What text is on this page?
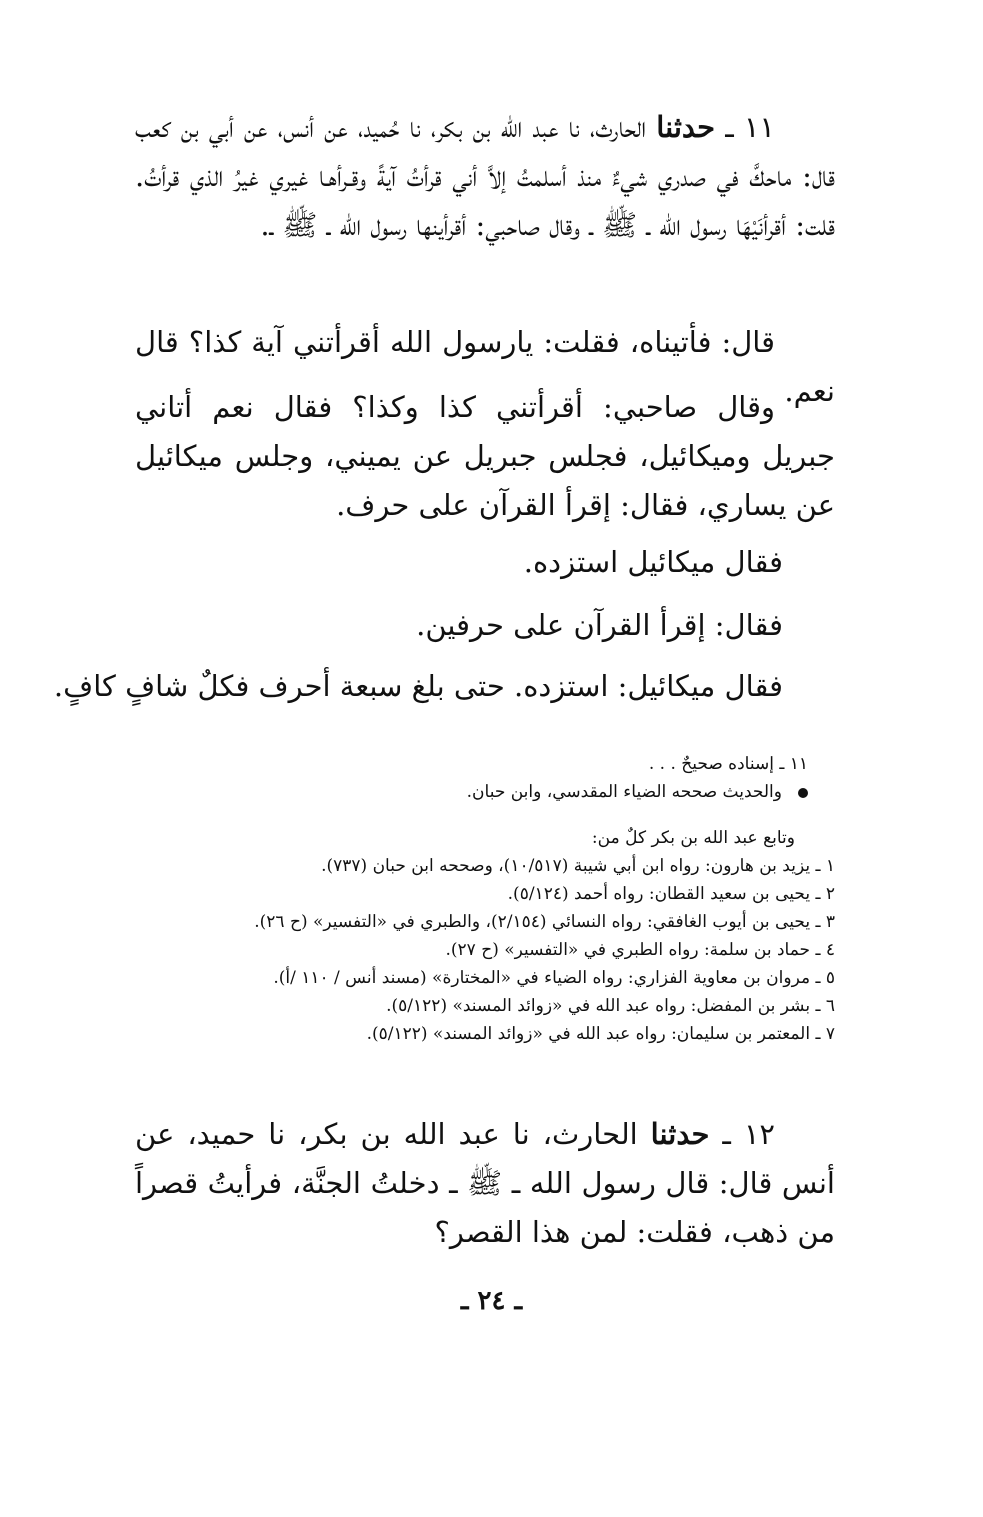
١١ ـ حدثنا الحارث، نا عبد الله بن بكر، نا حُميد، عن أنس، عن أبي بن كعب قال: ماحكَّ في صدري شيءٌ منذ أسلمتُ إلاَّ أني قرأتُ آيةً وقـرأهـا غيري غيرُ الذي قرأتُ. قلت: أقرأنَيْهَا رسول الله ـ ﷺ ـ وقال صاحبي: أقرأينها رسول الله ـ ﷺ ـ.

قال: فأتيناه، فقلت: يارسول الله أقرأتني آية كذا؟ قال نعم.

وقال صاحبي: أقرأتني كذا وكذا؟ فقال نعم أتاني جبريل وميكائيل، فجلس جبريل عن يميني، وجلس ميكائيل عن يساري، فقال: إقرأ القرآن على حرف.

فقال ميكائيل استزده.
فقال: إقرأ القرآن على حرفين.
فقال ميكائيل: استزده. حتى بلغ سبعة أحرف فكلٌ شافٍ كافٍ.
١١ ـ إسناده صحيحٌ . . .
والحديث صححه الضياء المقدسي، وابن حبان.
وتابع عبد الله بن بكر كلٌ من:
١ ـ يزيد بن هارون: رواه ابن أبي شيبة (١٠/٥١٧)، وصححه ابن حبان (٧٣٧).
٢ ـ يحيى بن سعيد القطان: رواه أحمد (٥/١٢٤).
٣ ـ يحيى بن أيوب الغافقي: رواه النسائي (٢/١٥٤)، والطبري في «التفسير» (ح ٢٦).
٤ ـ حماد بن سلمة: رواه الطبري في «التفسير» (ح ٢٧).
٥ ـ مروان بن معاوية الفزاري: رواه الضياء في «المختارة» (مسند أنس / ١١٠ /أ).
٦ ـ بشر بن المفضل: رواه عبد الله في «زوائد المسند» (٥/١٢٢).
٧ ـ المعتمر بن سليمان: رواه عبد الله في «زوائد المسند» (٥/١٢٢).

١٢ ـ حدثنا الحارث، نا عبد الله بن بكر، نا حميد، عن أنس قال: قال رسول الله ـ ﷺ ـ دخلتُ الجنَّة، فرأيتُ قصراً من ذهب، فقلت: لمن هذا القصر؟

ـ ٢٤ ـ
